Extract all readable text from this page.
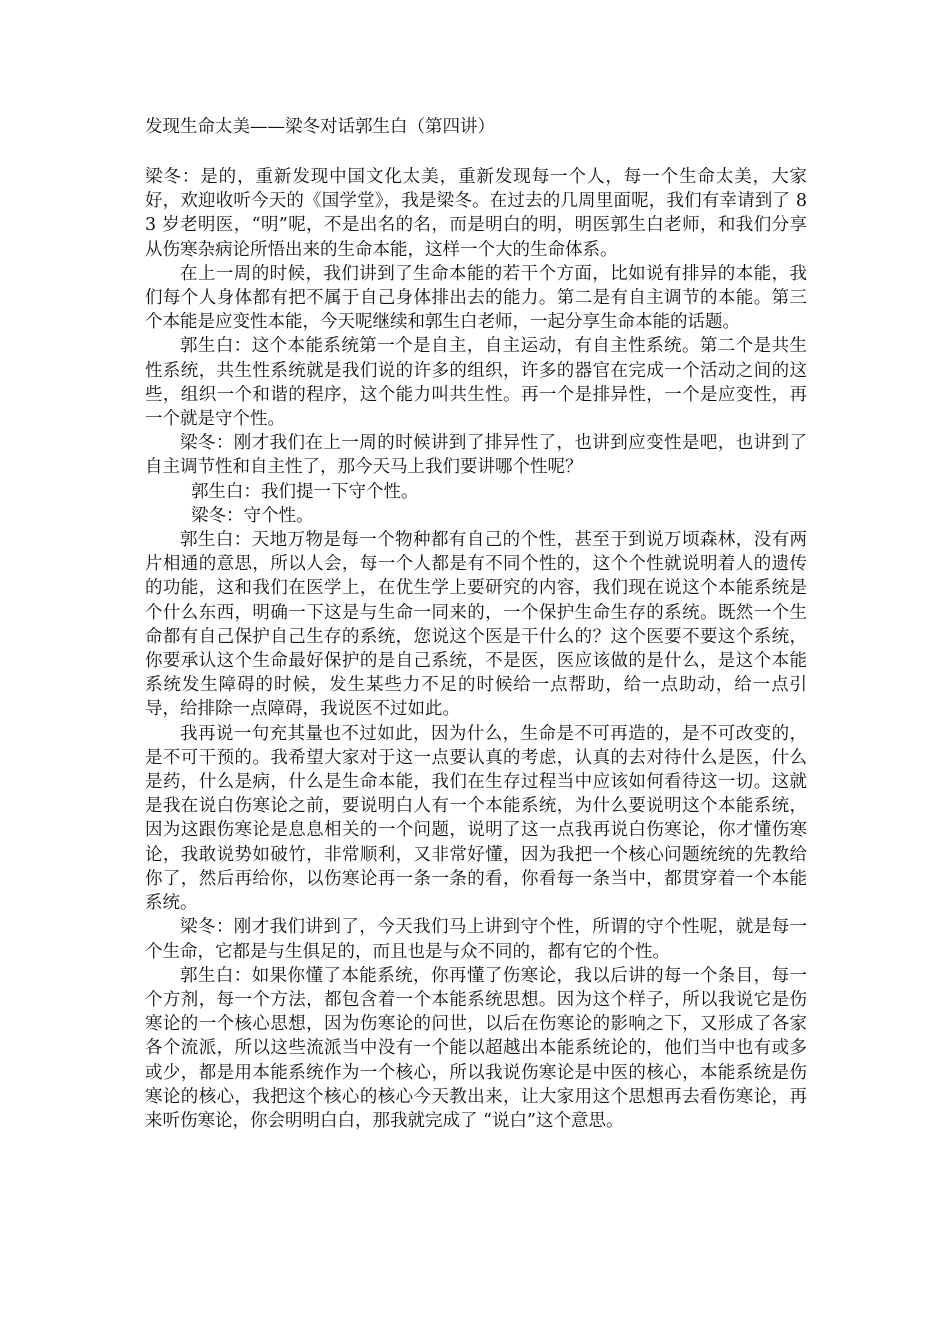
发现生命太美——梁冬对话郭生白（第四讲）

梁冬：是的，重新发现中国文化太美，重新发现每一个人，每一个生命太美，大家好，欢迎收听今天的《国学堂》，我是梁冬。在过去的几周里面呢，我们有幸请到了 83 岁老明医，“明”呢，不是出名的名，而是明白的明，明医郭生白老师，和我们分享从伤寒杂病论所悟出来的生命本能，这样一个大的生命体系。

在上一周的时候，我们讲到了生命本能的若干个方面，比如说有排异的本能，我们每个人身体都有把不属于自己身体排出去的能力。第二是有自主调节的本能。第三个本能是应变性本能，今天呢继续和郭生白老师，一起分享生命本能的话题。

郭生白：这个本能系统第一个是自主，自主运动，有自主性系统。第二个是共生性系统，共生性系统就是我们说的许多的组织，许多的器官在完成一个活动之间的这些，组织一个和谐的程序，这个能力叫共生性。再一个是排异性，一个是应变性，再一个就是守个性。

梁冬：刚才我们在上一周的时候讲到了排异性了，也讲到应变性是吧，也讲到了自主调节性和自主性了，那今天马上我们要讲哪个性呢？

郭生白：我们提一下守个性。

梁冬：守个性。

郭生白：天地万物是每一个物种都有自己的个性，甚至于到说万顷森林，没有两片相通的意思，所以人会，每一个人都是有不同个性的，这个个性就说明着人的遗传的功能，这和我们在医学上，在优生学上要研究的内容，我们现在说这个本能系统是个什么东西，明确一下这是与生命一同来的，一个保护生命生存的系统。既然一个生命都有自己保护自己生存的系统，您说这个医是干什么的？这个医要不要这个系统，你要承认这个生命最好保护的是自己系统，不是医，医应该做的是什么，是这个本能系统发生障碍的时候，发生某些力不足的时候给一点帮助，给一点助动，给一点引导，给排除一点障碍，我说医不过如此。

我再说一句充其量也不过如此，因为什么，生命是不可再造的，是不可改变的，是不可干预的。我希望大家对于这一点要认真的考虑，认真的去对待什么是医，什么是药，什么是病，什么是生命本能，我们在生存过程当中应该如何看待这一切。这就是我在说白伤寒论之前，要说明白人有一个本能系统，为什么要说明这个本能系统，因为这跟伤寒论是息息相关的一个问题，说明了这一点我再说白伤寒论，你才懂伤寒论，我敢说势如破竹，非常顺利，又非常好懂，因为我把一个核心问题统统的先教给你了，然后再给你，以伤寒论再一条一条的看，你看每一条当中，都贯穿着一个本能系统。

梁冬：刚才我们讲到了，今天我们马上讲到守个性，所谓的守个性呢，就是每一个生命，它都是与生俱足的，而且也是与众不同的，都有它的个性。

郭生白：如果你懂了本能系统，你再懂了伤寒论，我以后讲的每一个条目，每一个方剂，每一个方法，都包含着一个本能系统思想。因为这个样子，所以我说它是伤寒论的一个核心思想，因为伤寒论的问世，以后在伤寒论的影响之下，又形成了各家各个流派，所以这些流派当中没有一个能以超越出本能系统论的，他们当中也有或多或少，都是用本能系统作为一个核心，所以我说伤寒论是中医的核心，本能系统是伤寒论的核心，我把这个核心的核心今天教出来，让大家用这个思想再去看伤寒论，再来听伤寒论，你会明明白白，那我就完成了 “说白”这个意思。
